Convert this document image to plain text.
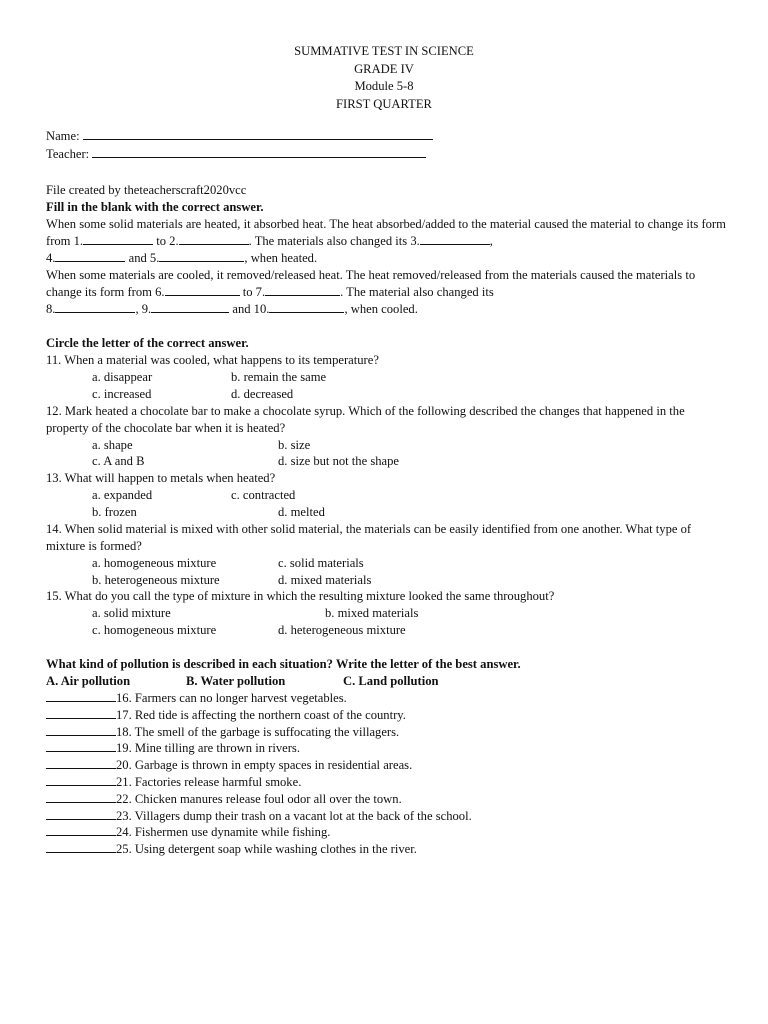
SUMMATIVE TEST IN SCIENCE
GRADE IV
Module 5-8
FIRST QUARTER
Name:
Teacher:

File created by theteacherscraft2020vcc

Fill in the blank with the correct answer.

When some solid materials are heated, it absorbed heat. The heat absorbed/added to the material caused the material to change its form from 1.	to 2.	. The materials also changed its 3.	,
4.	and 5.	, when heated.

When some materials are cooled, it removed/released heat. The heat removed/released from the materials caused the materials to change its form from 6.	to 7.	. The material also changed its
8.	, 9.	and 10.	, when cooled.

Circle the letter of the correct answer.

11. When a material was cooled, what happens to its temperature?

a. disappear	b. remain the same
c. increased	d. decreased

12. Mark heated a chocolate bar to make a chocolate syrup. Which of the following described the changes that happened in the property of the chocolate bar when it is heated?

a. shape	b. size
c. A and B	d. size but not the shape

13. What will happen to metals when heated?

a. expanded	c. contracted
b. frozen	d. melted

14. When solid material is mixed with other solid material, the materials can be easily identified from one another. What type of mixture is formed?

a. homogeneous mixture	c. solid materials
b. heterogeneous mixture	d. mixed materials

15. What do you call the type of mixture in which the resulting mixture looked the same throughout?

a. solid mixture	b. mixed materials
c. homogeneous mixture	d. heterogeneous mixture

What kind of pollution is described in each situation? Write the letter of the best answer.

A. Air pollution	B. Water pollution	C. Land pollution
16. Farmers can no longer harvest vegetables.
17. Red tide is affecting the northern coast of the country.
18. The smell of the garbage is suffocating the villagers.
19. Mine tilling are thrown in rivers.
20. Garbage is thrown in empty spaces in residential areas.
21. Factories release harmful smoke.
22. Chicken manures release foul odor all over the town.
23. Villagers dump their trash on a vacant lot at the back of the school.
24. Fishermen use dynamite while fishing.
25. Using detergent soap while washing clothes in the river.
